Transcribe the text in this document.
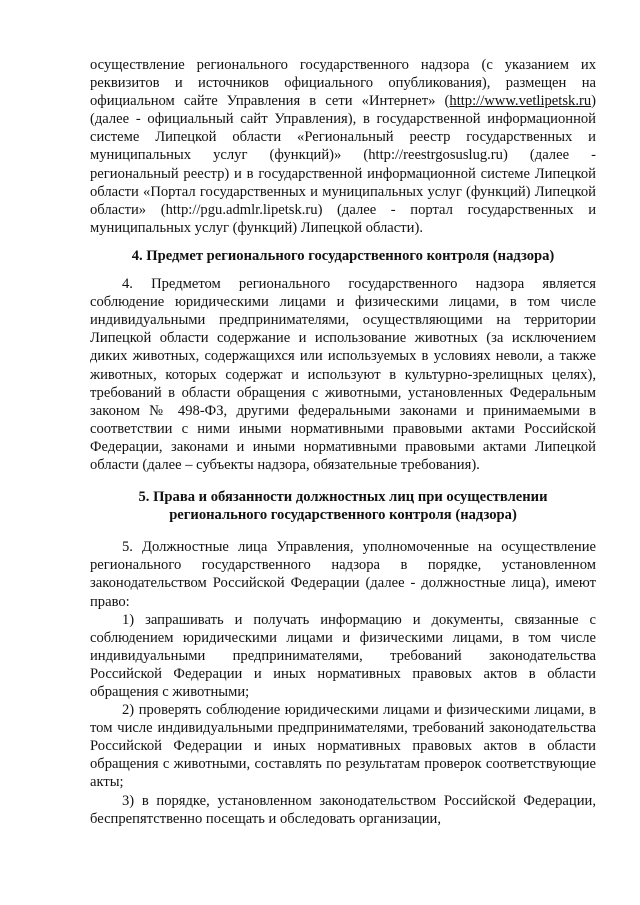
осуществление регионального государственного надзора (с указанием их реквизитов и источников официального опубликования), размещен на официальном сайте Управления в сети «Интернет» (http://www.vetlipetsk.ru) (далее - официальный сайт Управления), в государственной информационной системе Липецкой области «Региональный реестр государственных и муниципальных услуг (функций)» (http://reestrgosuslug.ru) (далее - региональный реестр) и в государственной информационной системе Липецкой области «Портал государственных и муниципальных услуг (функций) Липецкой области» (http://pgu.admlr.lipetsk.ru) (далее - портал государственных и муниципальных услуг (функций) Липецкой области).

4. Предмет регионального государственного контроля (надзора)

4. Предметом регионального государственного надзора является соблюдение юридическими лицами и физическими лицами, в том числе индивидуальными предпринимателями, осуществляющими на территории Липецкой области содержание и использование животных (за исключением диких животных, содержащихся или используемых в условиях неволи, а также животных, которых содержат и используют в культурно-зрелищных целях), требований в области обращения с животными, установленных Федеральным законом № 498-ФЗ, другими федеральными законами и принимаемыми в соответствии с ними иными нормативными правовыми актами Российской Федерации, законами и иными нормативными правовыми актами Липецкой области (далее – субъекты надзора, обязательные требования).

5. Права и обязанности должностных лиц при осуществлении
регионального государственного контроля (надзора)

5. Должностные лица Управления, уполномоченные на осуществление регионального государственного надзора в порядке, установленном законодательством Российской Федерации (далее - должностные лица), имеют право:

1) запрашивать и получать информацию и документы, связанные с соблюдением юридическими лицами и физическими лицами, в том числе индивидуальными предпринимателями, требований законодательства Российской Федерации и иных нормативных правовых актов в области обращения с животными;

2) проверять соблюдение юридическими лицами и физическими лицами, в том числе индивидуальными предпринимателями, требований законодательства Российской Федерации и иных нормативных правовых актов в области обращения с животными, составлять по результатам проверок соответствующие акты;

3) в порядке, установленном законодательством Российской Федерации, беспрепятственно посещать и обследовать организации,
